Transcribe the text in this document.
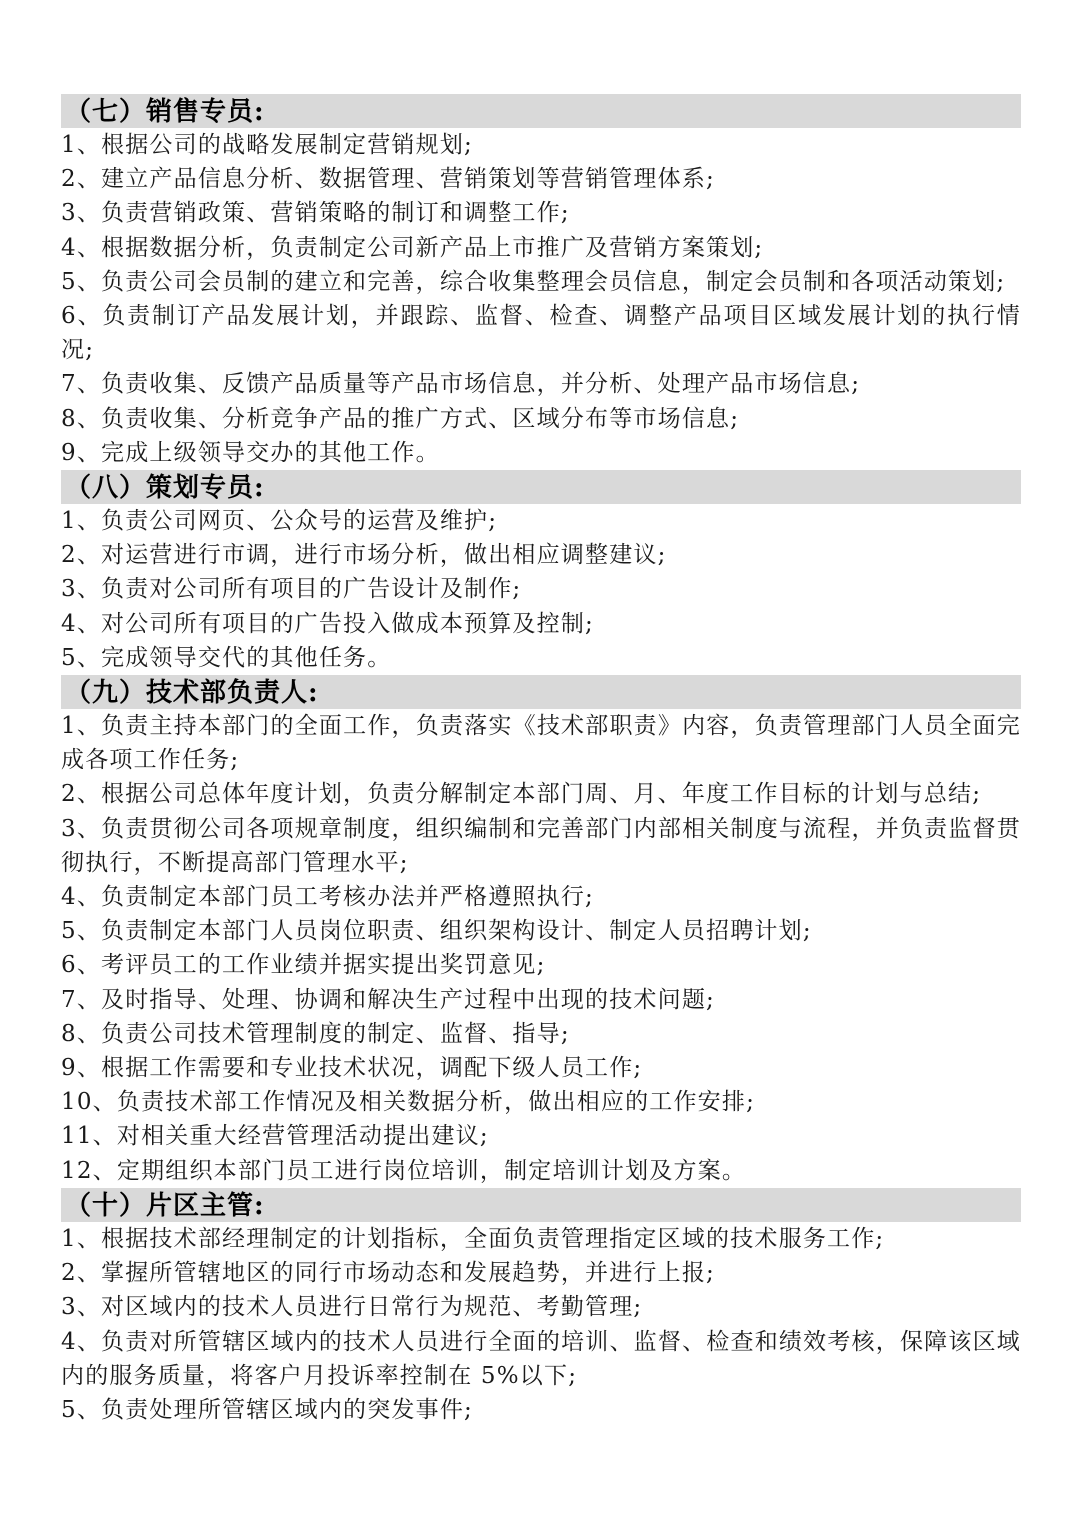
（七）销售专员:
1、根据公司的战略发展制定营销规划;
2、建立产品信息分析、数据管理、营销策划等营销管理体系;
3、负责营销政策、营销策略的制订和调整工作;
4、根据数据分析，负责制定公司新产品上市推广及营销方案策划;
5、负责公司会员制的建立和完善，综合收集整理会员信息，制定会员制和各项活动策划;
6、负责制订产品发展计划，并跟踪、监督、检查、调整产品项目区域发展计划的执行情况;
7、负责收集、反馈产品质量等产品市场信息，并分析、处理产品市场信息;
8、负责收集、分析竞争产品的推广方式、区域分布等市场信息;
9、完成上级领导交办的其他工作。
（八）策划专员:
1、负责公司网页、公众号的运营及维护;
2、对运营进行市调，进行市场分析，做出相应调整建议;
3、负责对公司所有项目的广告设计及制作;
4、对公司所有项目的广告投入做成本预算及控制;
5、完成领导交代的其他任务。
（九）技术部负责人:
1、负责主持本部门的全面工作，负责落实《技术部职责》内容，负责管理部门人员全面完成各项工作任务;
2、根据公司总体年度计划，负责分解制定本部门周、月、年度工作目标的计划与总结;
3、负责贯彻公司各项规章制度，组织编制和完善部门内部相关制度与流程，并负责监督贯彻执行，不断提高部门管理水平;
4、负责制定本部门员工考核办法并严格遵照执行;
5、负责制定本部门人员岗位职责、组织架构设计、制定人员招聘计划;
6、考评员工的工作业绩并据实提出奖罚意见;
7、及时指导、处理、协调和解决生产过程中出现的技术问题;
8、负责公司技术管理制度的制定、监督、指导;
9、根据工作需要和专业技术状况，调配下级人员工作;
10、负责技术部工作情况及相关数据分析，做出相应的工作安排;
11、对相关重大经营管理活动提出建议;
12、定期组织本部门员工进行岗位培训，制定培训计划及方案。
（十）片区主管:
1、根据技术部经理制定的计划指标，全面负责管理指定区域的技术服务工作;
2、掌握所管辖地区的同行市场动态和发展趋势，并进行上报;
3、对区域内的技术人员进行日常行为规范、考勤管理;
4、负责对所管辖区域内的技术人员进行全面的培训、监督、检查和绩效考核，保障该区域内的服务质量，将客户月投诉率控制在 5%以下;
5、负责处理所管辖区域内的突发事件;
